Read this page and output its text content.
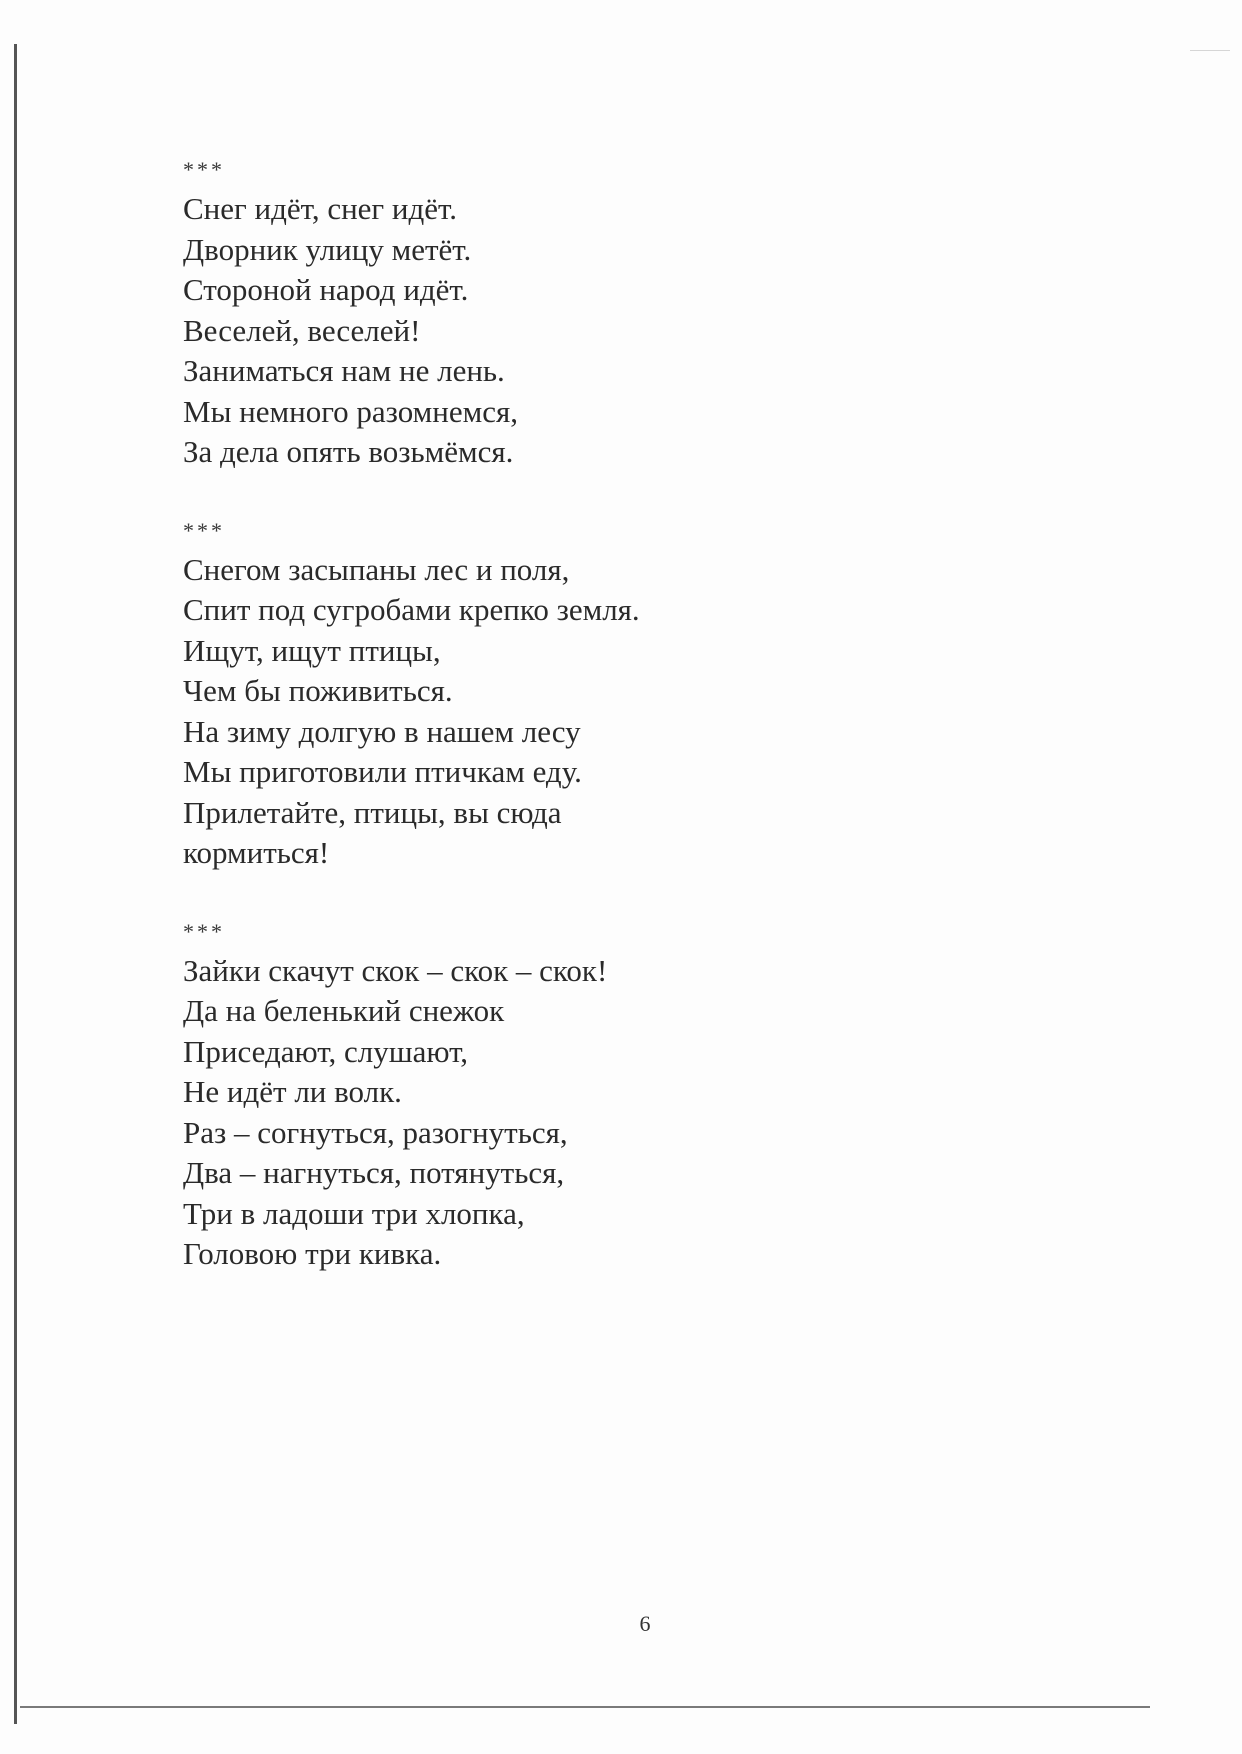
***
Снег идёт, снег идёт.
Дворник улицу метёт.
Стороной народ идёт.
Веселей, веселей!
Заниматься нам не лень.
Мы немного разомнемся,
За дела опять возьмёмся.
***
Снегом засыпаны лес и поля,
Спит под сугробами крепко земля.
Ищут, ищут птицы,
Чем бы поживиться.
На зиму долгую в нашем лесу
Мы приготовили птичкам еду.
Прилетайте, птицы, вы сюда
кормиться!
***
Зайки скачут скок – скок – скок!
Да на беленький снежок
Приседают, слушают,
Не идёт ли волк.
Раз – согнуться, разогнуться,
Два – нагнуться, потянуться,
Три в ладоши три хлопка,
Головою три кивка.
6
